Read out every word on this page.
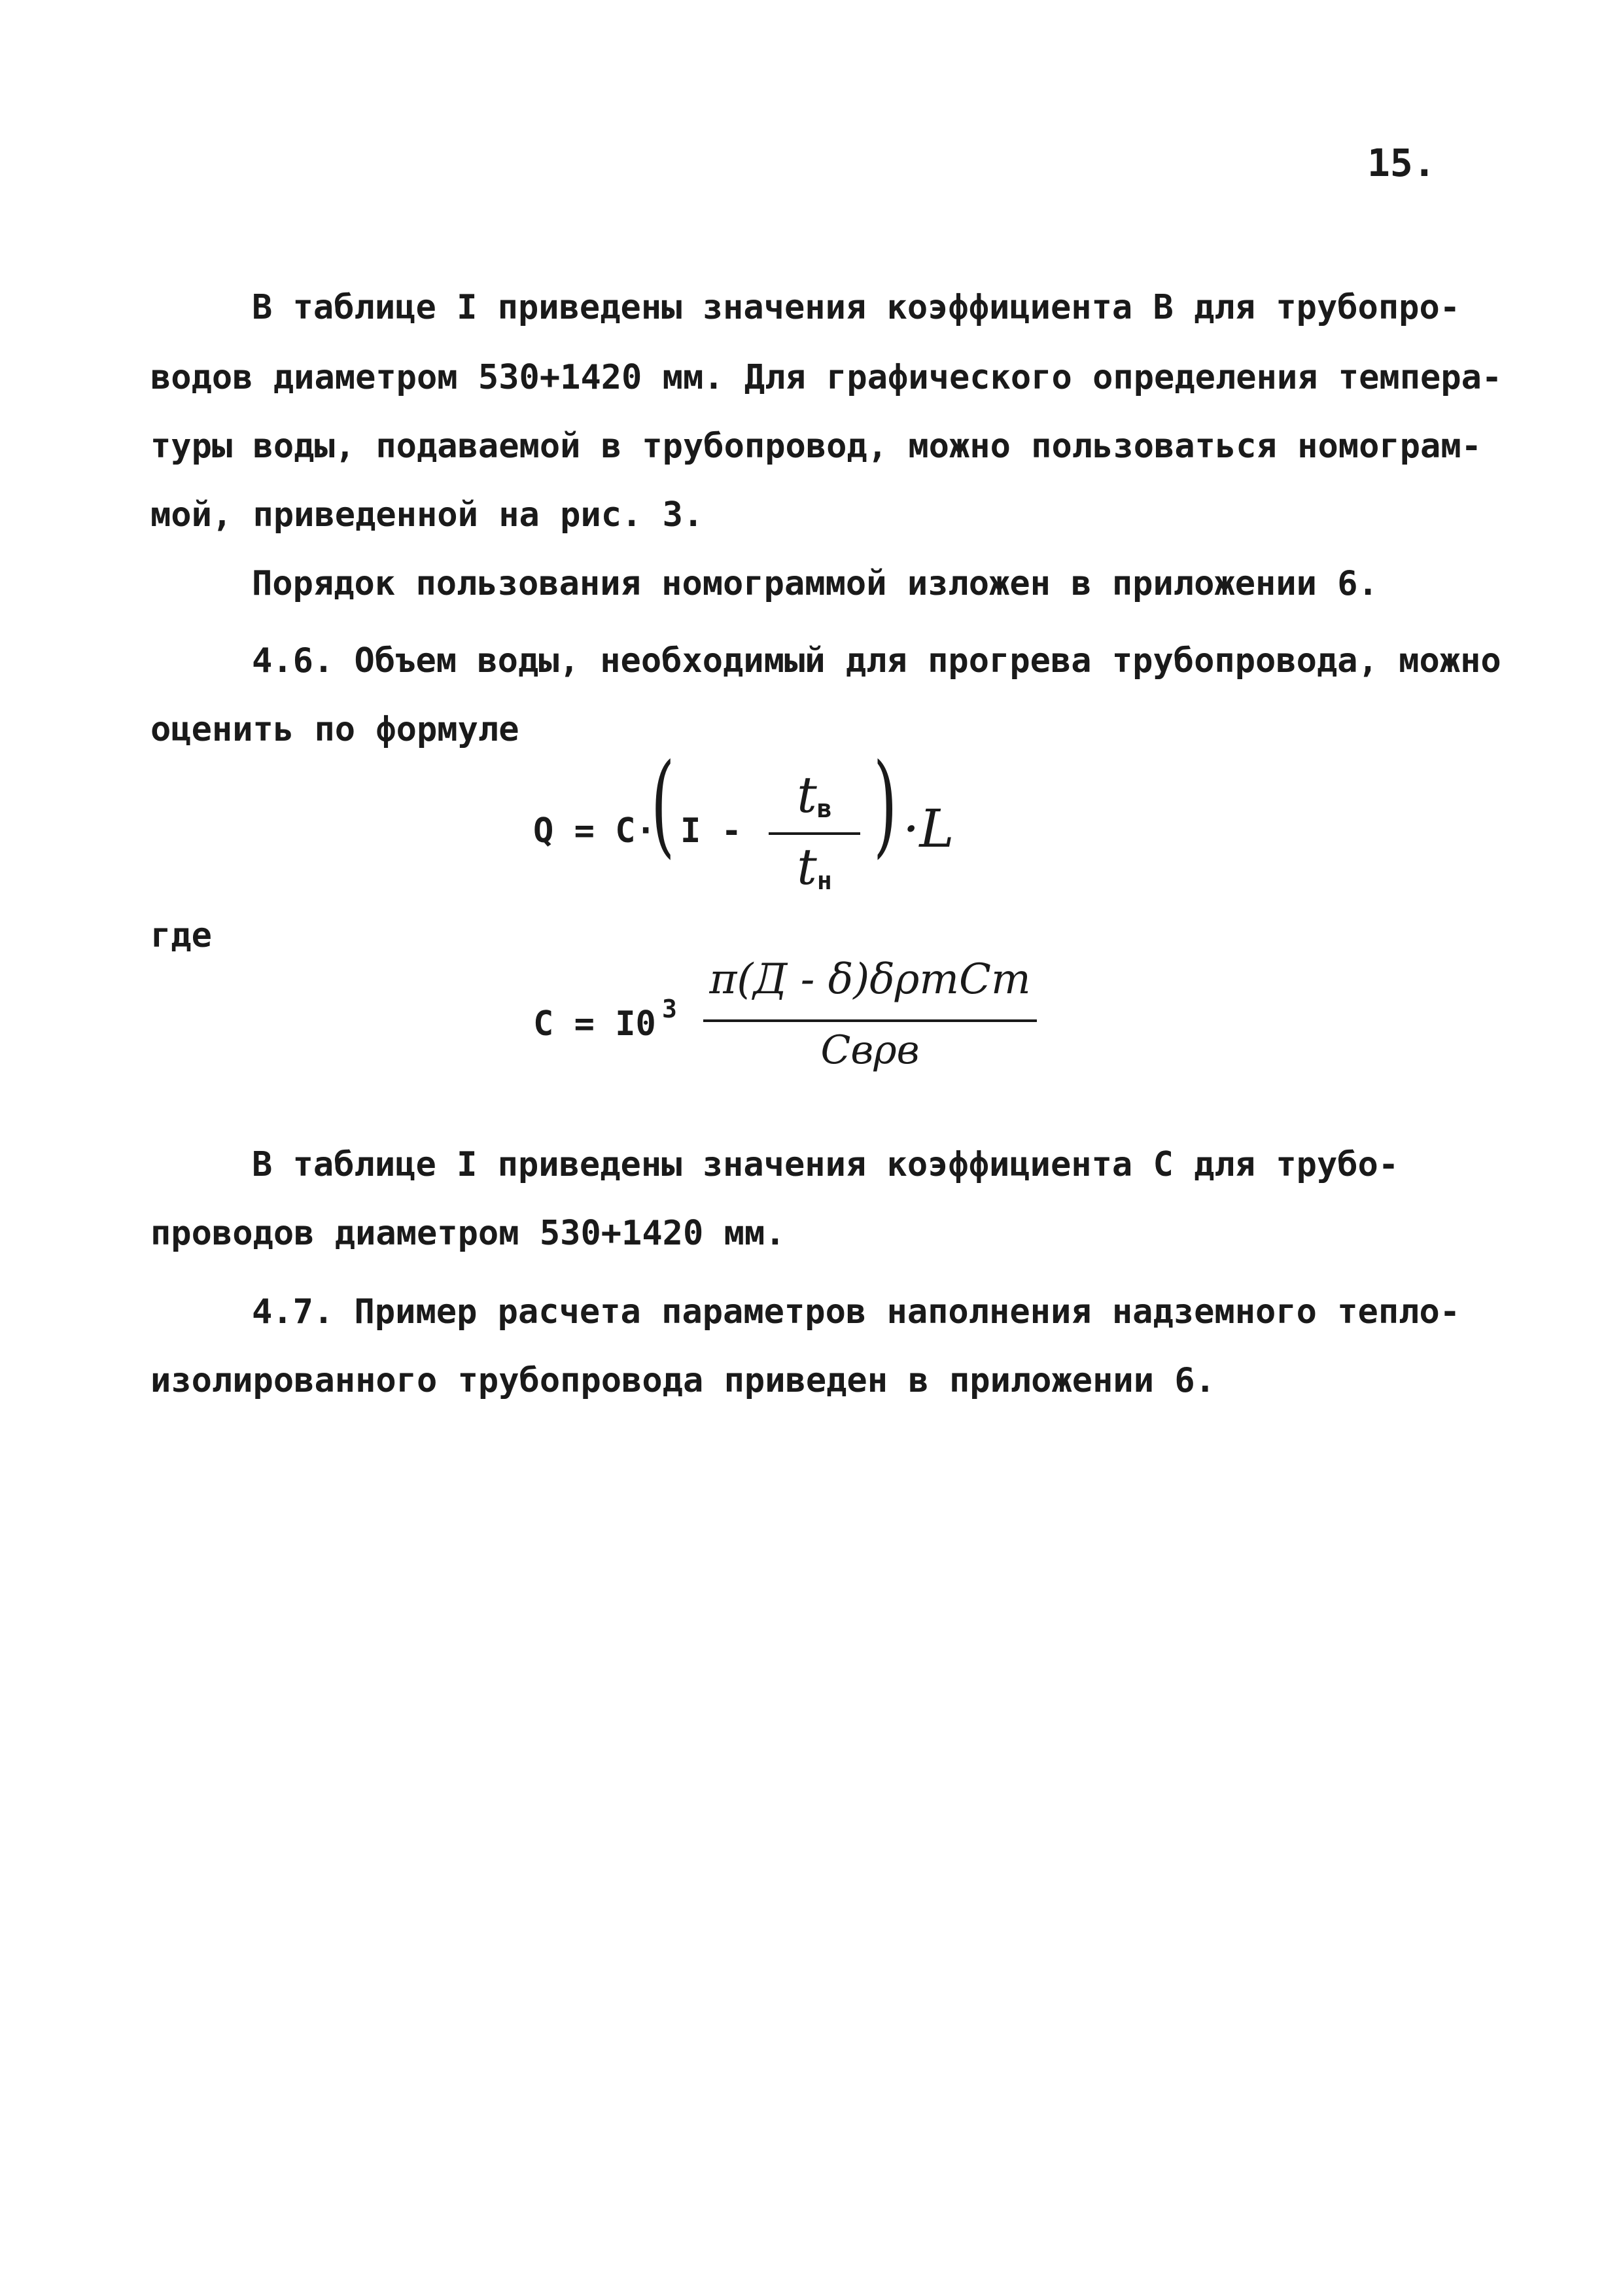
15.
В таблице I приведены значения коэффициента В для трубопро-
водов диаметром 530+1420 мм. Для графического определения темпера-
туры воды, подаваемой в трубопровод, можно пользоваться номограм-
мой, приведенной на рис. 3.
Порядок пользования номограммой изложен в приложении 6.
4.6. Объем воды, необходимый для прогрева трубопровода, можно
оценить по формуле
Q = C·
( I -
tв
tн
) ·L
где
C = I0 3
π(Д - δ)δρтCт
Cвρв
В таблице I приведены значения коэффициента С для трубо-
проводов диаметром 530+1420 мм.
4.7. Пример расчета параметров наполнения надземного тепло-
изолированного трубопровода приведен в приложении 6.
